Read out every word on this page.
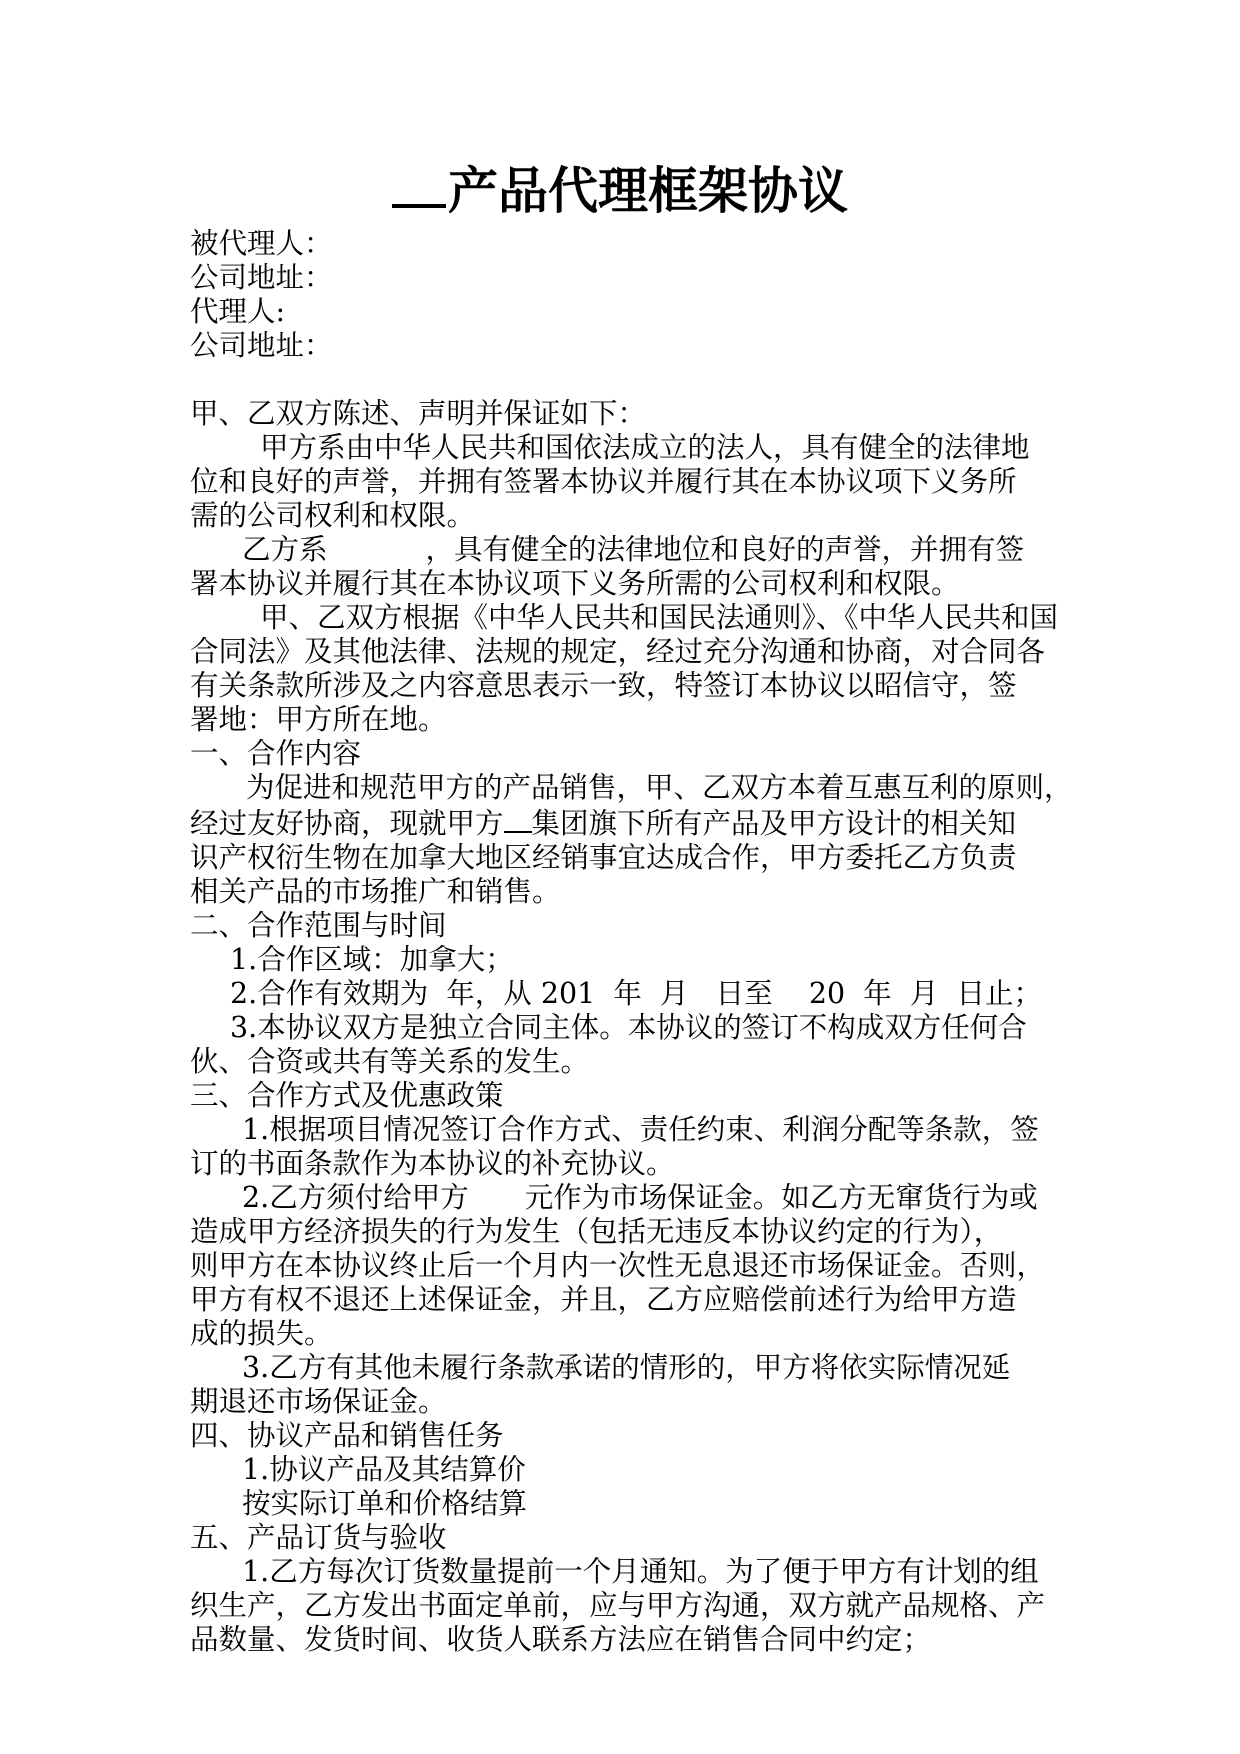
产品代理框架协议

被代理人：

公司地址：

代理人:

公司地址：

甲、乙双方陈述、声明并保证如下：

甲方系由中华人民共和国依法成立的法人，具有健全的法律地

位和良好的声誉，并拥有签署本协议并履行其在本协议项下义务所

需的公司权利和权限。

乙方系	，具有健全的法律地位和良好的声誉，并拥有签

署本协议并履行其在本协议项下义务所需的公司权利和权限。

甲、乙双方根据《中华人民共和国民法通则》、《中华人民共和国

合同法》及其他法律、法规的规定，经过充分沟通和协商，对合同各

有关条款所涉及之内容意思表示一致，特签订本协议以昭信守，签

署地：甲方所在地。

一、合作内容

为促进和规范甲方的产品销售，甲、乙双方本着互惠互利的原则，

经过友好协商，现就甲方 集团旗下所有产品及甲方设计的相关知

识产权衍生物在加拿大地区经销事宜达成合作，甲方委托乙方负责

相关产品的市场推广和销售。

二、合作范围与时间

1.合作区域：加拿大；

2.合作有效期为  年，从 201  年  月   日至    20  年  月  日止；

3.本协议双方是独立合同主体。本协议的签订不构成双方任何合

伙、合资或共有等关系的发生。

三、合作方式及优惠政策

1.根据项目情况签订合作方式、责任约束、利润分配等条款，签

订的书面条款作为本协议的补充协议。

2.乙方须付给甲方 元作为市场保证金。如乙方无窜货行为或

造成甲方经济损失的行为发生（包括无违反本协议约定的行为），

则甲方在本协议终止后一个月内一次性无息退还市场保证金。否则，

甲方有权不退还上述保证金，并且，乙方应赔偿前述行为给甲方造

成的损失。

3.乙方有其他未履行条款承诺的情形的，甲方将依实际情况延

期退还市场保证金。

四、协议产品和销售任务

1.协议产品及其结算价

按实际订单和价格结算

五、产品订货与验收

1.乙方每次订货数量提前一个月通知。为了便于甲方有计划的组

织生产，乙方发出书面定单前，应与甲方沟通，双方就产品规格、产

品数量、发货时间、收货人联系方法应在销售合同中约定；
